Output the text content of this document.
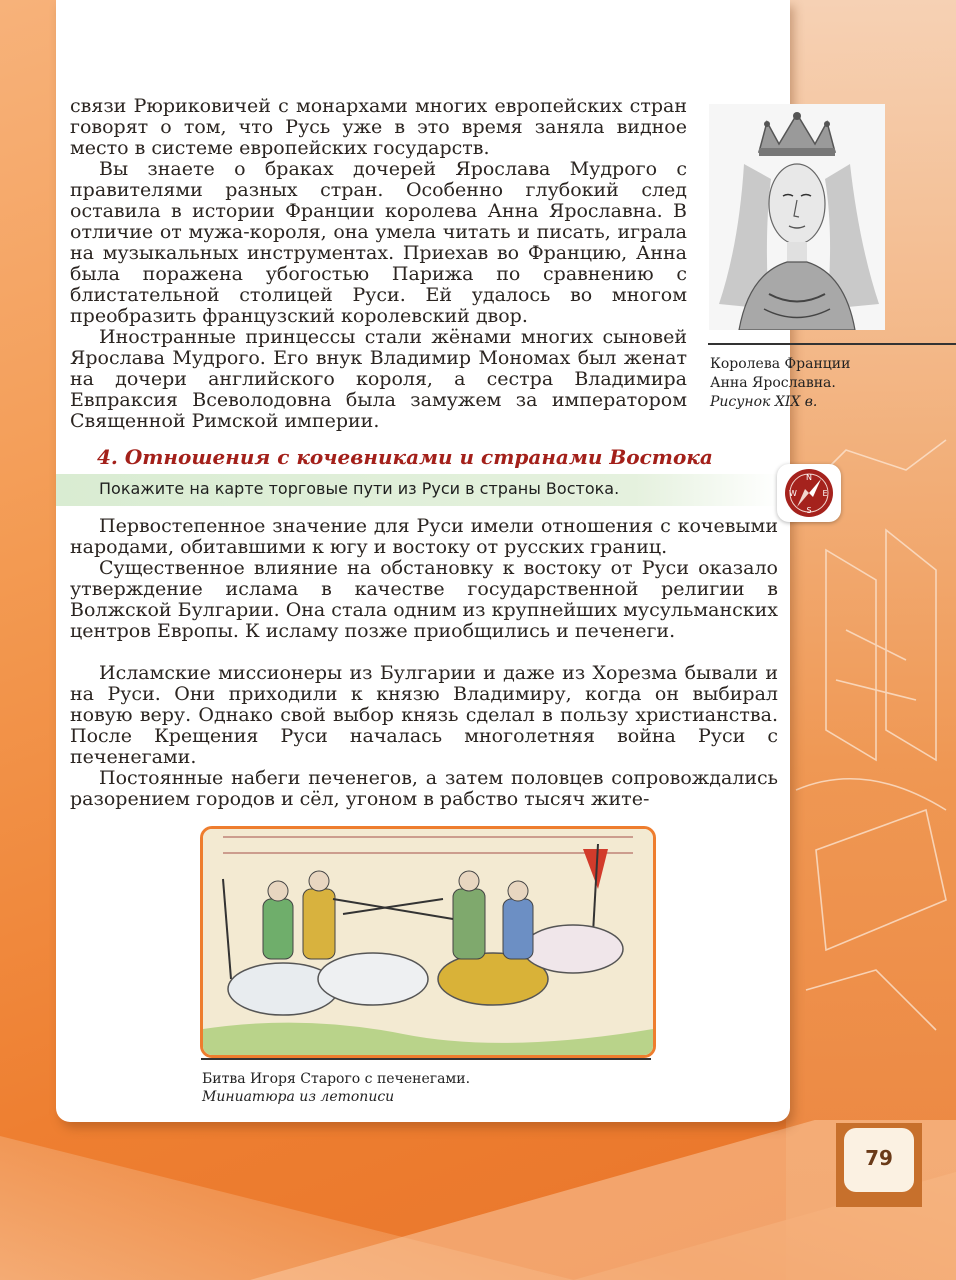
связи Рюриковичей с монархами многих европейских стран говорят о том, что Русь уже в это время заняла видное место в системе европейских государств.

Вы знаете о браках дочерей Ярослава Мудрого с правителями разных стран. Особенно глубокий след оставила в истории Франции королева Анна Ярославна. В отличие от мужа-короля, она умела читать и писать, играла на музыкальных инструментах. Приехав во Францию, Анна была поражена убогостью Парижа по сравнению с блистательной столицей Руси. Ей удалось во многом преобразить французский королевский двор.

Иностранные принцессы стали жёнами многих сыновей Ярослава Мудрого. Его внук Владимир Мономах был женат на дочери английского короля, а сестра Владимира Евпраксия Всеволодовна была замужем за императором Священной Римской империи.

Королева Франции
Анна Ярославна.
Рисунок XIX в.

4. Отношения с кочевниками и странами Востока
Покажите на карте торговые пути из Руси в страны Востока.
N
E
S
W

Первостепенное значение для Руси имели отношения с кочевыми народами, обитавшими к югу и востоку от русских границ.

Существенное влияние на обстановку к востоку от Руси оказало утверждение ислама в качестве государственной религии в Волжской Булгарии. Она стала одним из крупнейших мусульманских центров Европы. К исламу позже приобщились и печенеги.

Исламские миссионеры из Булгарии и даже из Хорезма бывали и на Руси. Они приходили к князю Владимиру, когда он выбирал новую веру. Однако свой выбор князь сделал в пользу христианства. После Крещения Руси началась многолетняя война Руси с печенегами.

Постоянные набеги печенегов, а затем половцев сопровождались разорением городов и сёл, угоном в рабство тысяч жите-

Битва Игоря Старого с печенегами.
Миниатюра из летописи

79
